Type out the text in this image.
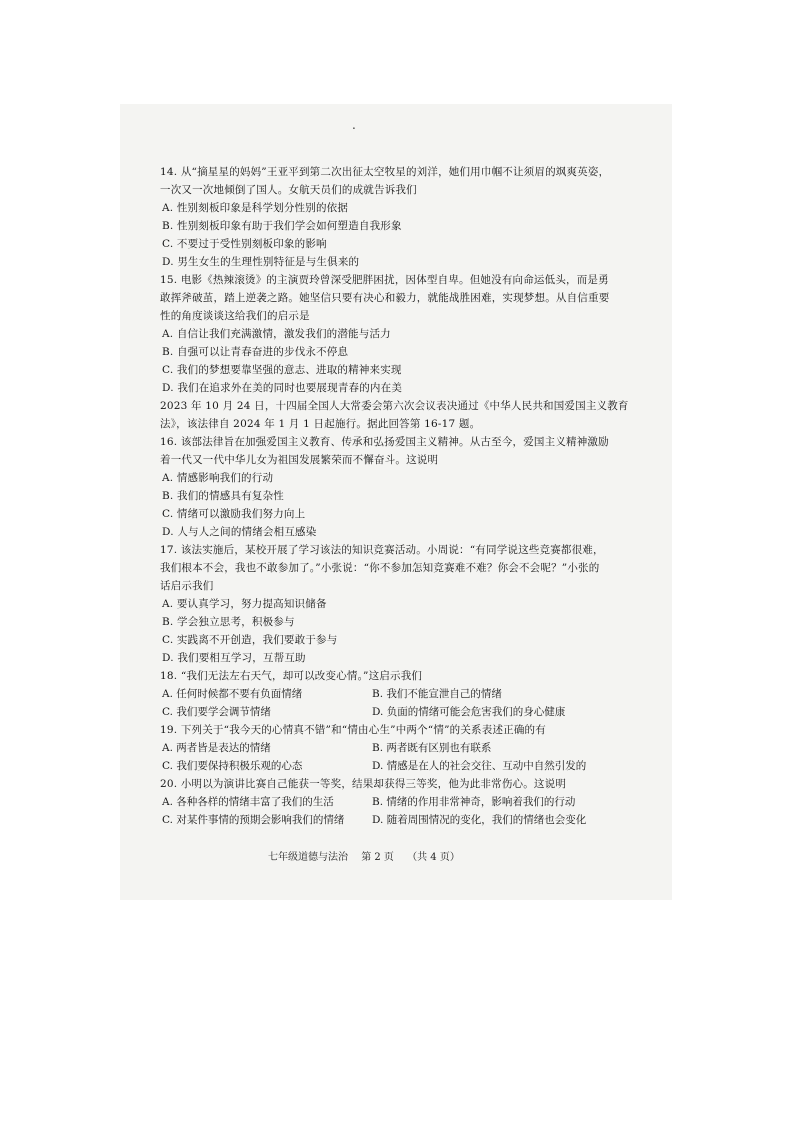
.
14. 从“摘星星的妈妈”王亚平到第二次出征太空牧星的刘洋，她们用巾帼不让须眉的飒爽英姿，
一次又一次地倾倒了国人。女航天员们的成就告诉我们
A. 性别刻板印象是科学划分性别的依据
B. 性别刻板印象有助于我们学会如何塑造自我形象
C. 不要过于受性别刻板印象的影响
D. 男生女生的生理性别特征是与生俱来的
15. 电影《热辣滚烫》的主演贾玲曾深受肥胖困扰，因体型自卑。但她没有向命运低头，而是勇
敢挥斧破茧，踏上逆袭之路。她坚信只要有决心和毅力，就能战胜困难，实现梦想。从自信重要
性的角度谈谈这给我们的启示是
A. 自信让我们充满激情，激发我们的潜能与活力
B. 自强可以让青春奋进的步伐永不停息
C. 我们的梦想要靠坚强的意志、进取的精神来实现
D. 我们在追求外在美的同时也要展现青春的内在美
2023 年 10 月 24 日，十四届全国人大常委会第六次会议表决通过《中华人民共和国爱国主义教育
法》，该法律自 2024 年 1 月 1 日起施行。据此回答第 16-17 题。
16. 该部法律旨在加强爱国主义教育、传承和弘扬爱国主义精神。从古至今，爱国主义精神激励
着一代又一代中华儿女为祖国发展繁荣而不懈奋斗。这说明
A. 情感影响我们的行动
B. 我们的情感具有复杂性
C. 情绪可以激励我们努力向上
D. 人与人之间的情绪会相互感染
17. 该法实施后，某校开展了学习该法的知识竞赛活动。小周说：“有同学说这些竞赛都很难，
我们根本不会，我也不敢参加了。”小张说：“你不参加怎知竞赛难不难？你会不会呢？”小张的
话启示我们
A. 要认真学习，努力提高知识储备
B. 学会独立思考，积极参与
C. 实践离不开创造，我们要敢于参与
D. 我们要相互学习，互帮互助
18. “我们无法左右天气，却可以改变心情。”这启示我们
A. 任何时候都不要有负面情绪	B. 我们不能宣泄自己的情绪
C. 我们要学会调节情绪	D. 负面的情绪可能会危害我们的身心健康
19. 下列关于“我今天的心情真不错”和“情由心生”中两个“情”的关系表述正确的有
A. 两者皆是表达的情绪	B. 两者既有区别也有联系
C. 我们要保持积极乐观的心态	D. 情感是在人的社会交往、互动中自然引发的
20. 小明以为演讲比赛自己能获一等奖，结果却获得三等奖，他为此非常伤心。这说明
A. 各种各样的情绪丰富了我们的生活	B. 情绪的作用非常神奇，影响着我们的行动
C. 对某件事情的预期会影响我们的情绪	D. 随着周围情况的变化，我们的情绪也会变化
七年级道德与法治 第 2 页 （共 4 页）
